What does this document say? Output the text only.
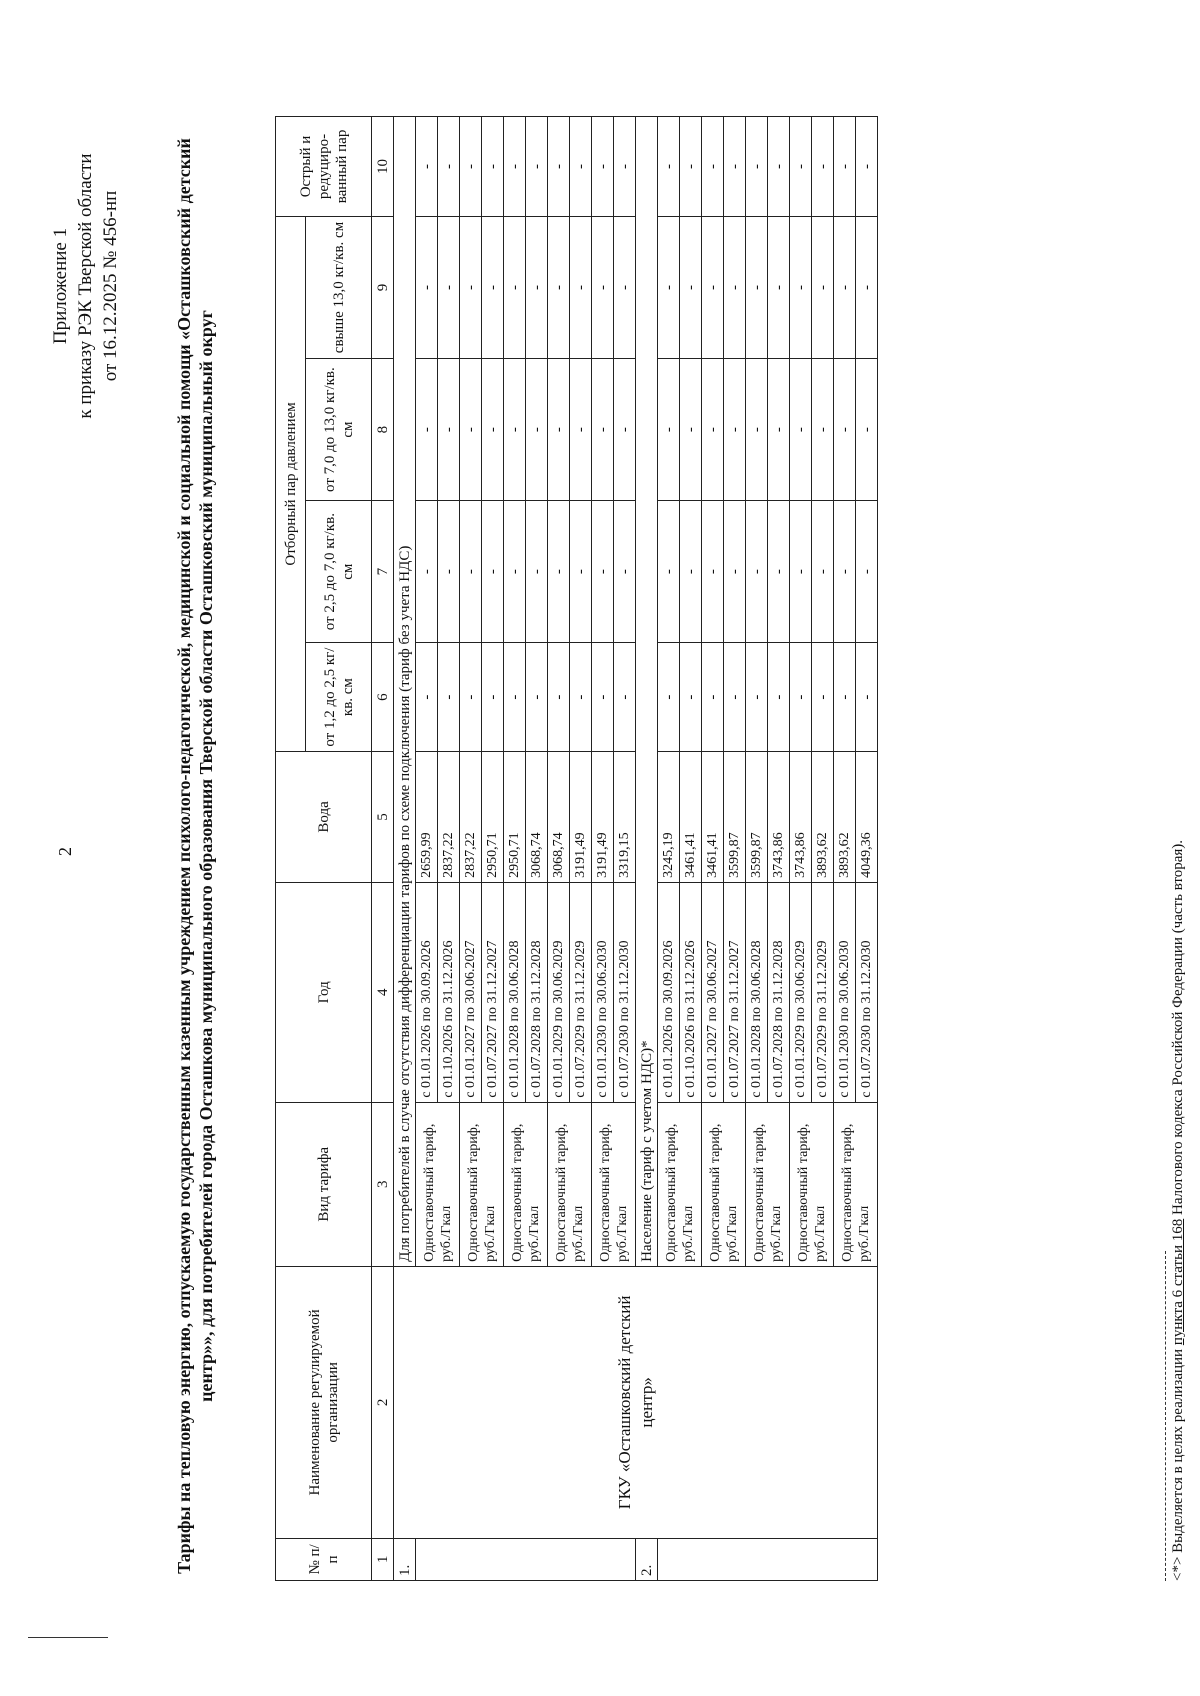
2
Приложение 1 к приказу РЭК Тверской области от 16.12.2025 № 456-нп	Тарифы на тепловую энергию, отпускаемую государственным казенным учреждением психолого-педагогической, медицинской и социальной помощи «Осташковский детский центр»», для потребителей города Осташкова муниципального образования Тверской области Осташковский муниципальный округ
№ п/ п	Наименование регулируемой организации	Вид тарифа	Год	Вода	Отборный пар давлением				Острый и редуциро-ванный пар
					от 1,2 до 2,5 кг/кв. см	от 2,5 до 7,0 кг/кв. см	от 7,0 до 13,0 кг/кв. см	свыше 13,0 кг/кв. см	
1	2	3	4	5	6	7	8	9	10
1.	ГКУ «Осташковский детский центр»	Для потребителей в случае отсутствия дифференциации тарифов по схеме подключения (тариф без учета НДС)							
		Одноставочный тариф, руб./Гкал	с 01.01.2026 по 30.09.2026	2659,99	-	-	-	-	-
			с 01.10.2026 по 31.12.2026	2837,22	-	-	-	-	-
		Одноставочный тариф, руб./Гкал	с 01.01.2027 по 30.06.2027	2837,22	-	-	-	-	-
			с 01.07.2027 по 31.12.2027	2950,71	-	-	-	-	-
		Одноставочный тариф, руб./Гкал	с 01.01.2028 по 30.06.2028	2950,71	-	-	-	-	-
			с 01.07.2028 по 31.12.2028	3068,74	-	-	-	-	-
		Одноставочный тариф, руб./Гкал	с 01.01.2029 по 30.06.2029	3068,74	-	-	-	-	-
			с 01.07.2029 по 31.12.2029	3191,49	-	-	-	-	-
		Одноставочный тариф, руб./Гкал	с 01.01.2030 по 30.06.2030	3191,49	-	-	-	-	-
			с 01.07.2030 по 31.12.2030	3319,15	-	-	-	-	-
2.		Население (тариф с учетом НДС)*							
		Одноставочный тариф, руб./Гкал	с 01.01.2026 по 30.09.2026	3245,19	-	-	-	-	-
			с 01.10.2026 по 31.12.2026	3461,41	-	-	-	-	-
		Одноставочный тариф, руб./Гкал	с 01.01.2027 по 30.06.2027	3461,41	-	-	-	-	-
			с 01.07.2027 по 31.12.2027	3599,87	-	-	-	-	-
		Одноставочный тариф, руб./Гкал	с 01.01.2028 по 30.06.2028	3599,87	-	-	-	-	-
			с 01.07.2028 по 31.12.2028	3743,86	-	-	-	-	-
		Одноставочный тариф, руб./Гкал	с 01.01.2029 по 30.06.2029	3743,86	-	-	-	-	-
			с 01.07.2029 по 31.12.2029	3893,62	-	-	-	-	-
		Одноставочный тариф, руб./Гкал	с 01.01.2030 по 30.06.2030	3893,62	-	-	-	-	-
			с 01.07.2030 по 31.12.2030	4049,36	-	-	-	-	-
<*> Выделяется в целях реализации пункта 6 статьи 168 Налогового кодекса Российской Федерации (часть вторая).
